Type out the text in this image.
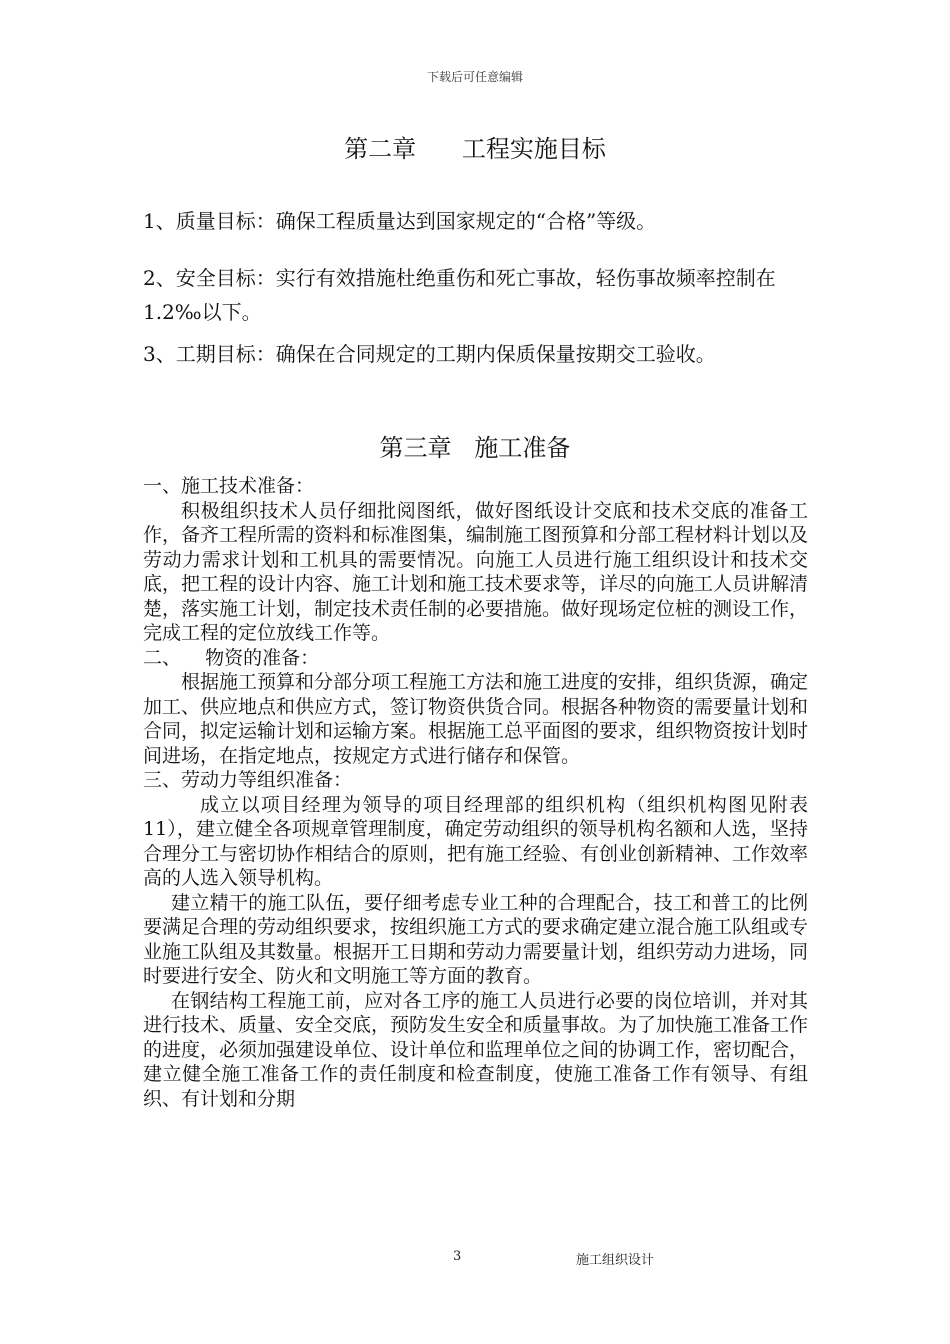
下载后可任意编辑
第二章      工程实施目标
1、质量目标：确保工程质量达到国家规定的“合格”等级。
2、安全目标：实行有效措施杜绝重伤和死亡事故，轻伤事故频率控制在1.2‰以下。
3、工期目标：确保在合同规定的工期内保质保量按期交工验收。
第三章   施工准备
一、施工技术准备：
积极组织技术人员仔细批阅图纸，做好图纸设计交底和技术交底的准备工作，备齐工程所需的资料和标准图集，编制施工图预算和分部工程材料计划以及劳动力需求计划和工机具的需要情况。向施工人员进行施工组织设计和技术交底，把工程的设计内容、施工计划和施工技术要求等，详尽的向施工人员讲解清楚，落实施工计划，制定技术责任制的必要措施。做好现场定位桩的测设工作，完成工程的定位放线工作等。
二、    物资的准备：
根据施工预算和分部分项工程施工方法和施工进度的安排，组织货源，确定加工、供应地点和供应方式，签订物资供货合同。根据各种物资的需要量计划和合同，拟定运输计划和运输方案。根据施工总平面图的要求，组织物资按计划时间进场，在指定地点，按规定方式进行储存和保管。
三、劳动力等组织准备：
成立以项目经理为领导的项目经理部的组织机构（组织机构图见附表 11），建立健全各项规章管理制度，确定劳动组织的领导机构名额和人选，坚持合理分工与密切协作相结合的原则，把有施工经验、有创业创新精神、工作效率高的人选入领导机构。
建立精干的施工队伍，要仔细考虑专业工种的合理配合，技工和普工的比例要满足合理的劳动组织要求，按组织施工方式的要求确定建立混合施工队组或专业施工队组及其数量。根据开工日期和劳动力需要量计划，组织劳动力进场，同时要进行安全、防火和文明施工等方面的教育。
在钢结构工程施工前，应对各工序的施工人员进行必要的岗位培训，并对其进行技术、质量、安全交底，预防发生安全和质量事故。为了加快施工准备工作的进度，必须加强建设单位、设计单位和监理单位之间的协调工作，密切配合，建立健全施工准备工作的责任制度和检查制度，使施工准备工作有领导、有组织、有计划和分期
3	施工组织设计
